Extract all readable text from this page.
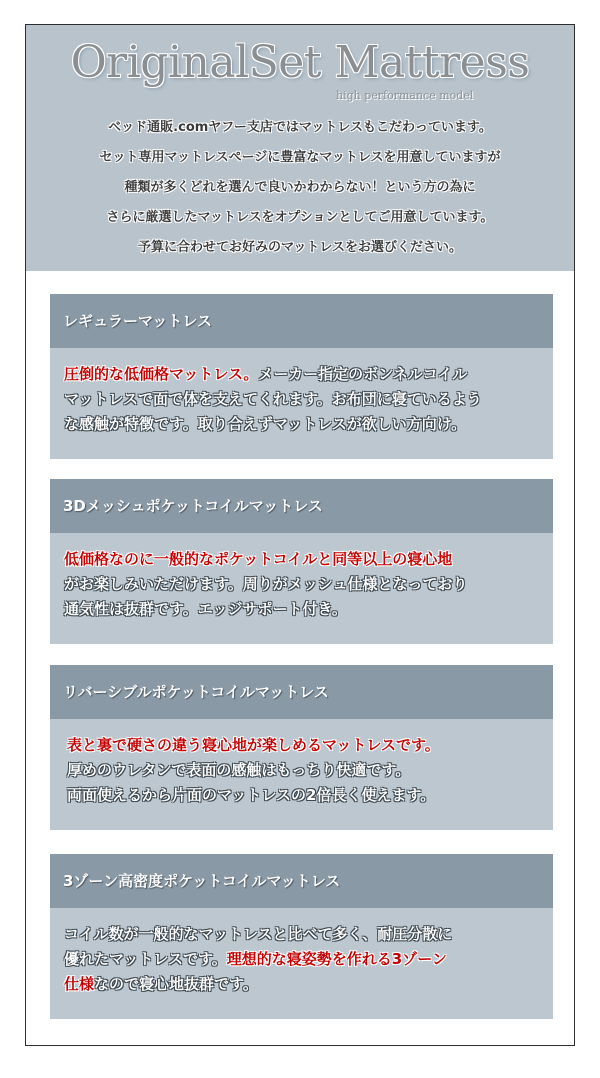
OriginalSet Mattress
high performance model
ベッド通販.comヤフー支店ではマットレスもこだわっています。
セット専用マットレスページに豊富なマットレスを用意していますが
種類が多くどれを選んで良いかわからない！という方の為に
さらに厳選したマットレスをオプションとしてご用意しています。
予算に合わせてお好みのマットレスをお選びください。
レギュラーマットレス
圧倒的な低価格マットレス。メーカー指定のボンネルコイル
マットレスで面で体を支えてくれます。お布団に寝ているよう
な感触が特徴です。取り合えずマットレスが欲しい方向け。
3Dメッシュポケットコイルマットレス
低価格なのに一般的なポケットコイルと同等以上の寝心地
がお楽しみいただけます。周りがメッシュ仕様となっており
通気性は抜群です。エッジサポート付き。
リバーシブルポケットコイルマットレス
表と裏で硬さの違う寝心地が楽しめるマットレスです。
厚めのウレタンで表面の感触はもっちり快適です。
両面使えるから片面のマットレスの2倍長く使えます。
3ゾーン高密度ポケットコイルマットレス
コイル数が一般的なマットレスと比べて多く、耐圧分散に
優れたマットレスです。理想的な寝姿勢を作れる3ゾーン
仕様なので寝心地抜群です。
